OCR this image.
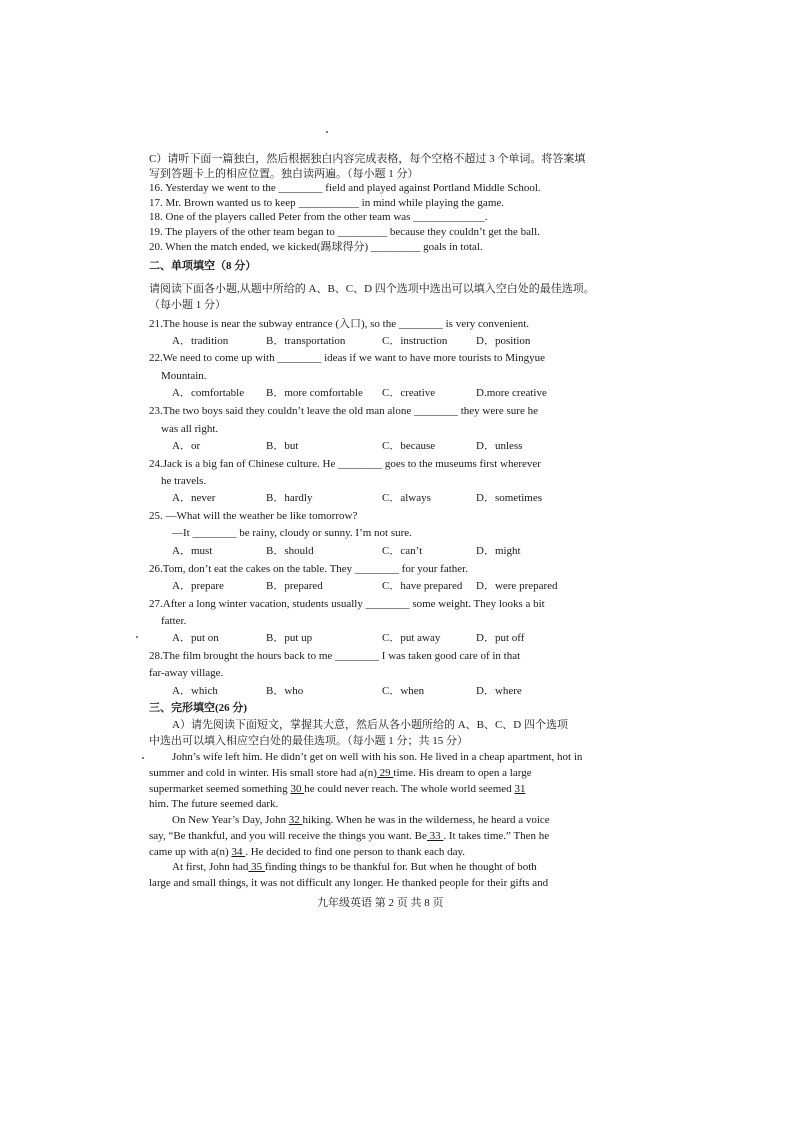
C）请听下面一篇独白，然后根据独白内容完成表格，每个空格不超过 3 个单词。将答案填
写到答题卡上的相应位置。独白读两遍。（每小题 1 分）
16. Yesterday we went to the ________ field and played against Portland Middle School.
17. Mr. Brown wanted us to keep ___________ in mind while playing the game.
18. One of the players called Peter from the other team was _____________.
19. The players of the other team began to _________ because they couldn’t get the ball.
20. When the match ended, we kicked(踢球得分) _________ goals in total.
二、单项填空（8 分）
请阅读下面各小题,从题中所给的 A、B、C、D 四个选项中选出可以填入空白处的最佳选项。
（每小题 1 分）
21.The house is near the subway entrance (入口), so the ________ is very convenient.
A．tradition	B．transportation	C．instruction	D．position
22.We need to come up with ________ ideas if we want to have more tourists to Mingyue
Mountain.
A．comfortable B．more comfortable C．creative	D.more creative
23.The two boys said they couldn’t leave the old man alone ________ they were sure he
was all right.
A．or	B．but	C．because	D．unless
24.Jack is a big fan of Chinese culture. He ________ goes to the museums first wherever
he travels.
A．never	B．hardly	C．always	D．sometimes
25. —What will the weather be like tomorrow?
—It ________ be rainy, cloudy or sunny. I’m not sure.
A．must	B．should	C．can’t	D．might
26.Tom, don’t eat the cakes on the table. They ________ for your father.
A．prepare	B．prepared	C．have prepared D．were prepared
27.After a long winter vacation, students usually ________ some weight. They looks a bit
fatter.
A．put on	B．put up	C．put away	D．put off
28.The film brought the hours back to me ________ I was taken good care of in that
far-away village.
A．which	B．who	C．when	D．where
三、完形填空(26 分)
A）请先阅读下面短文，掌握其大意，然后从各小题所给的 A、B、C、D 四个选项
中选出可以填入相应空白处的最佳选项。（每小题 1 分；共 15 分）
John’s wife left him. He didn’t get on well with his son. He lived in a cheap apartment, hot in
summer and cold in winter. His small store had a(n) 29 time. His dream to open a large
supermarket seemed something 30 he could never reach. The whole world seemed 31
him. The future seemed dark.
On New Year’s Day, John 32 hiking. When he was in the wilderness, he heard a voice
say, “Be thankful, and you will receive the things you want. Be 33 . It takes time.” Then he
came up with a(n) 34 . He decided to find one person to thank each day.
At first, John had 35 finding things to be thankful for. But when he thought of both
large and small things, it was not difficult any longer. He thanked people for their gifts and
九年级英语 第 2 页 共 8 页
